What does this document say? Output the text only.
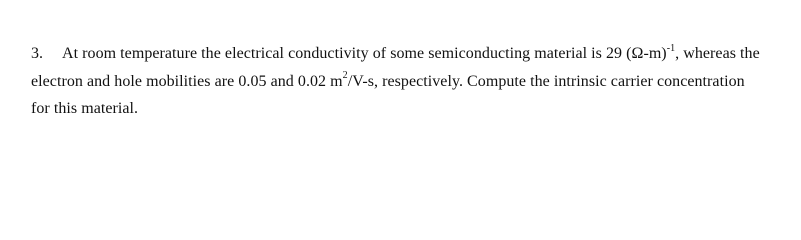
3. At room temperature the electrical conductivity of some semiconducting material is 29 $(\Omega-m)^{-1}$, whereas the
electron and hole mobilities are 0.05 and 0.02 $m^2/V-s$, respectively. Compute the intrinsic carrier concentration
for this material.
